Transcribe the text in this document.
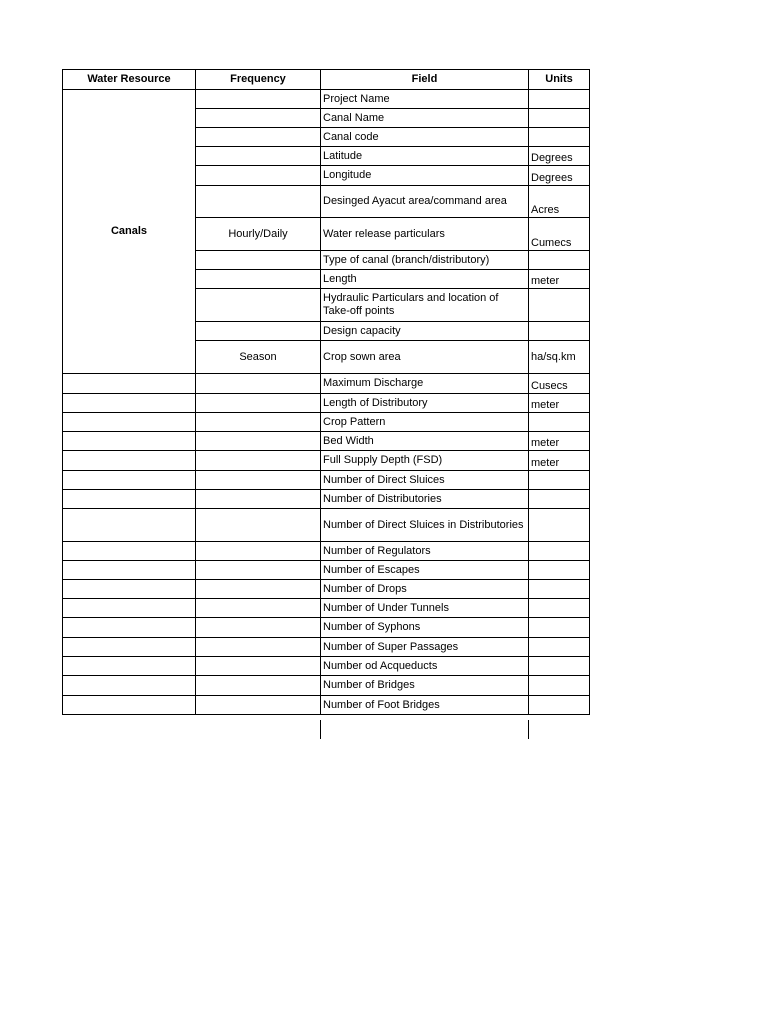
Water Resource	Frequency	Field	Units
Canals		Project Name	
		Canal Name	
		Canal code	
		Latitude	Degrees
		Longitude	Degrees
		Desinged Ayacut area/command area	Acres
	Hourly/Daily	Water release particulars	Cumecs
		Type of canal (branch/distributory)	
		Length	meter
		Hydraulic Particulars and location of Take-off points	
		Design capacity	
	Season	Crop sown area	ha/sq.km
		Maximum Discharge	Cusecs
		Length of Distributory	meter
		Crop Pattern	
		Bed Width	meter
		Full Supply Depth (FSD)	meter
		Number of Direct Sluices	
		Number of Distributories	
		Number of Direct Sluices in Distributories	
		Number of Regulators	
		Number of Escapes	
		Number of Drops	
		Number of Under Tunnels	
		Number of Syphons	
		Number of Super Passages	
		Number od Acqueducts	
		Number of Bridges	
		Number of Foot Bridges	
